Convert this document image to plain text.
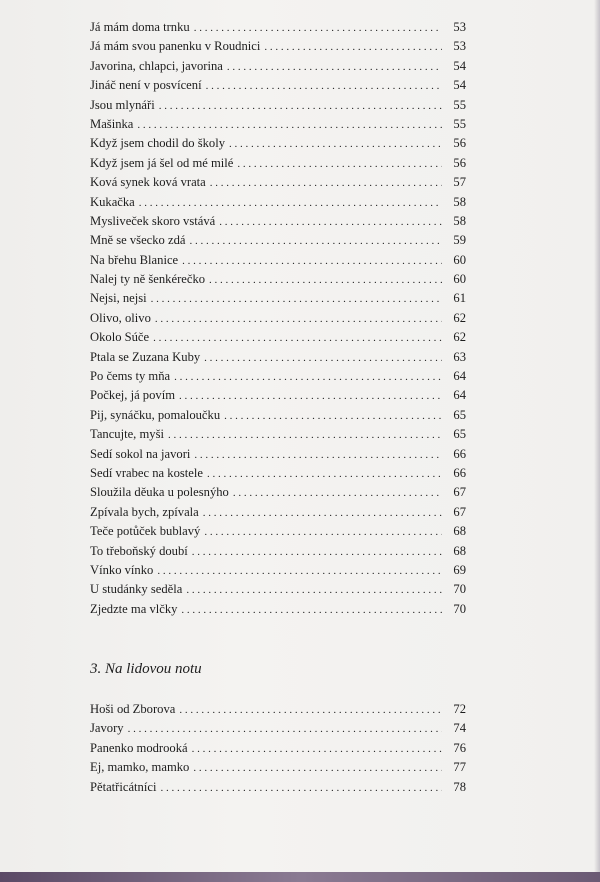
Já mám doma trnku . . .	53
Já mám svou panenku v Roudnici . . .	53
Javorina, chlapci, javorina . . .	54
Jináč není v posvícení . . .	54
Jsou mlynáři . . .	55
Mašinka . . .	55
Když jsem chodil do školy . . .	56
Když jsem já šel od mé milé . . .	56
Ková synek ková vrata . . .	57
Kukačka . . .	58
Mysliveček skoro vstává . . .	58
Mně se všecko zdá . . .	59
Na břehu Blanice . . .	60
Nalej ty ně šenkérečko . . .	60
Nejsi, nejsi . . .	61
Olivo, olivo . . .	62
Okolo Súče . . .	62
Ptala se Zuzana Kuby . . .	63
Po čems ty mňa . . .	64
Počkej, já povím . . .	64
Pij, synáčku, pomaloučku . . .	65
Tancujte, myši . . .	65
Sedí sokol na javori . . .	66
Sedí vrabec na kostele . . .	66
Sloužila děuka u polesnýho . . .	67
Zpívala bych, zpívala . . .	67
Teče potůček bublavý . . .	68
To třeboňský doubí . . .	68
Vínko vínko . . .	69
U studánky seděla . . .	70
Zjedzte ma vlčky . . .	70
3. Na lidovou notu
Hoši od Zborova . . .	72
Javory . . .	74
Panenko modrooká . . .	76
Ej, mamko, mamko . . .	77
Pětatřicátníci . . .	78
